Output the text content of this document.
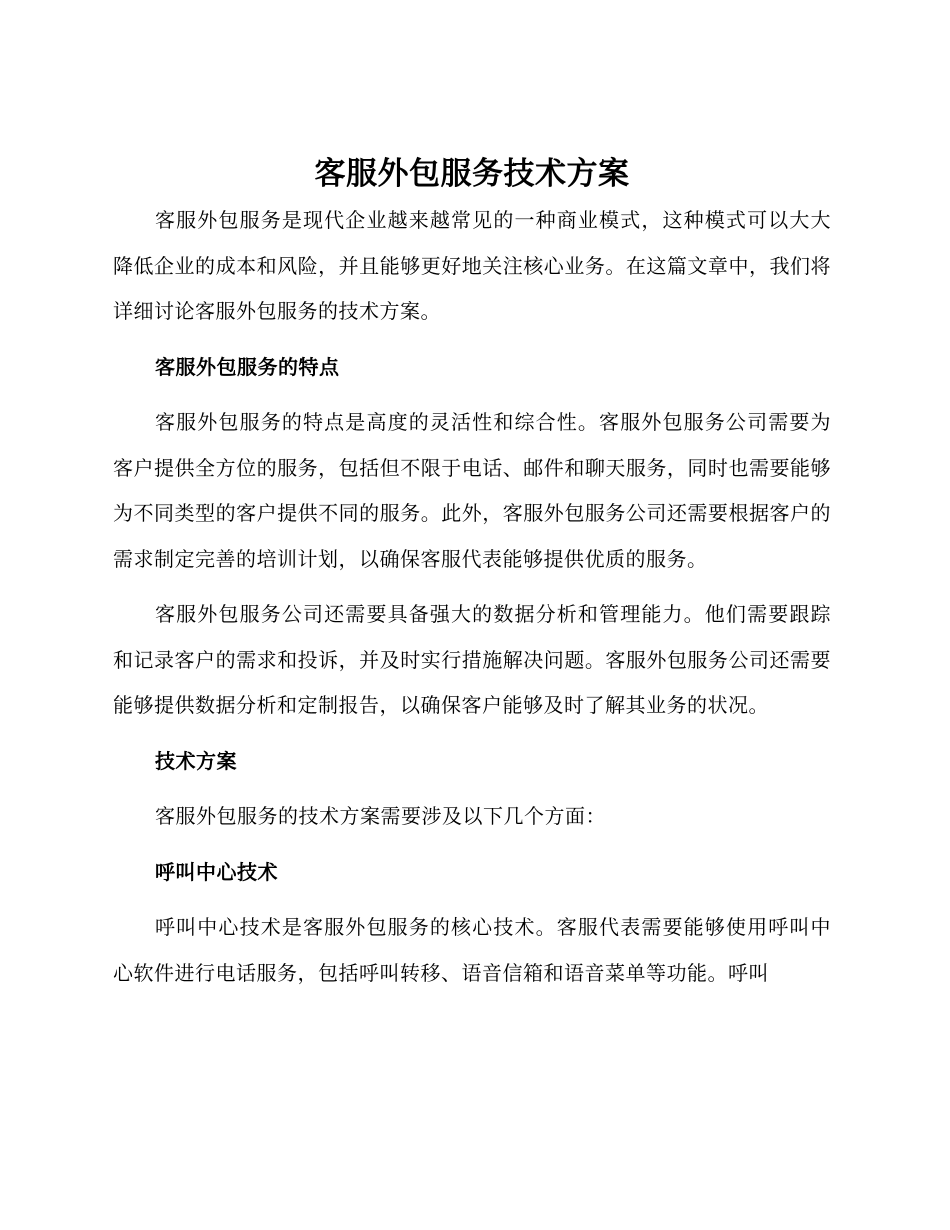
客服外包服务技术方案

客服外包服务是现代企业越来越常见的一种商业模式，这种模式可以大大降低企业的成本和风险，并且能够更好地关注核心业务。在这篇文章中，我们将详细讨论客服外包服务的技术方案。

客服外包服务的特点

客服外包服务的特点是高度的灵活性和综合性。客服外包服务公司需要为客户提供全方位的服务，包括但不限于电话、邮件和聊天服务，同时也需要能够为不同类型的客户提供不同的服务。此外，客服外包服务公司还需要根据客户的需求制定完善的培训计划，以确保客服代表能够提供优质的服务。

客服外包服务公司还需要具备强大的数据分析和管理能力。他们需要跟踪和记录客户的需求和投诉，并及时实行措施解决问题。客服外包服务公司还需要能够提供数据分析和定制报告，以确保客户能够及时了解其业务的状况。

技术方案

客服外包服务的技术方案需要涉及以下几个方面：

呼叫中心技术

呼叫中心技术是客服外包服务的核心技术。客服代表需要能够使用呼叫中心软件进行电话服务，包括呼叫转移、语音信箱和语音菜单等功能。呼叫
